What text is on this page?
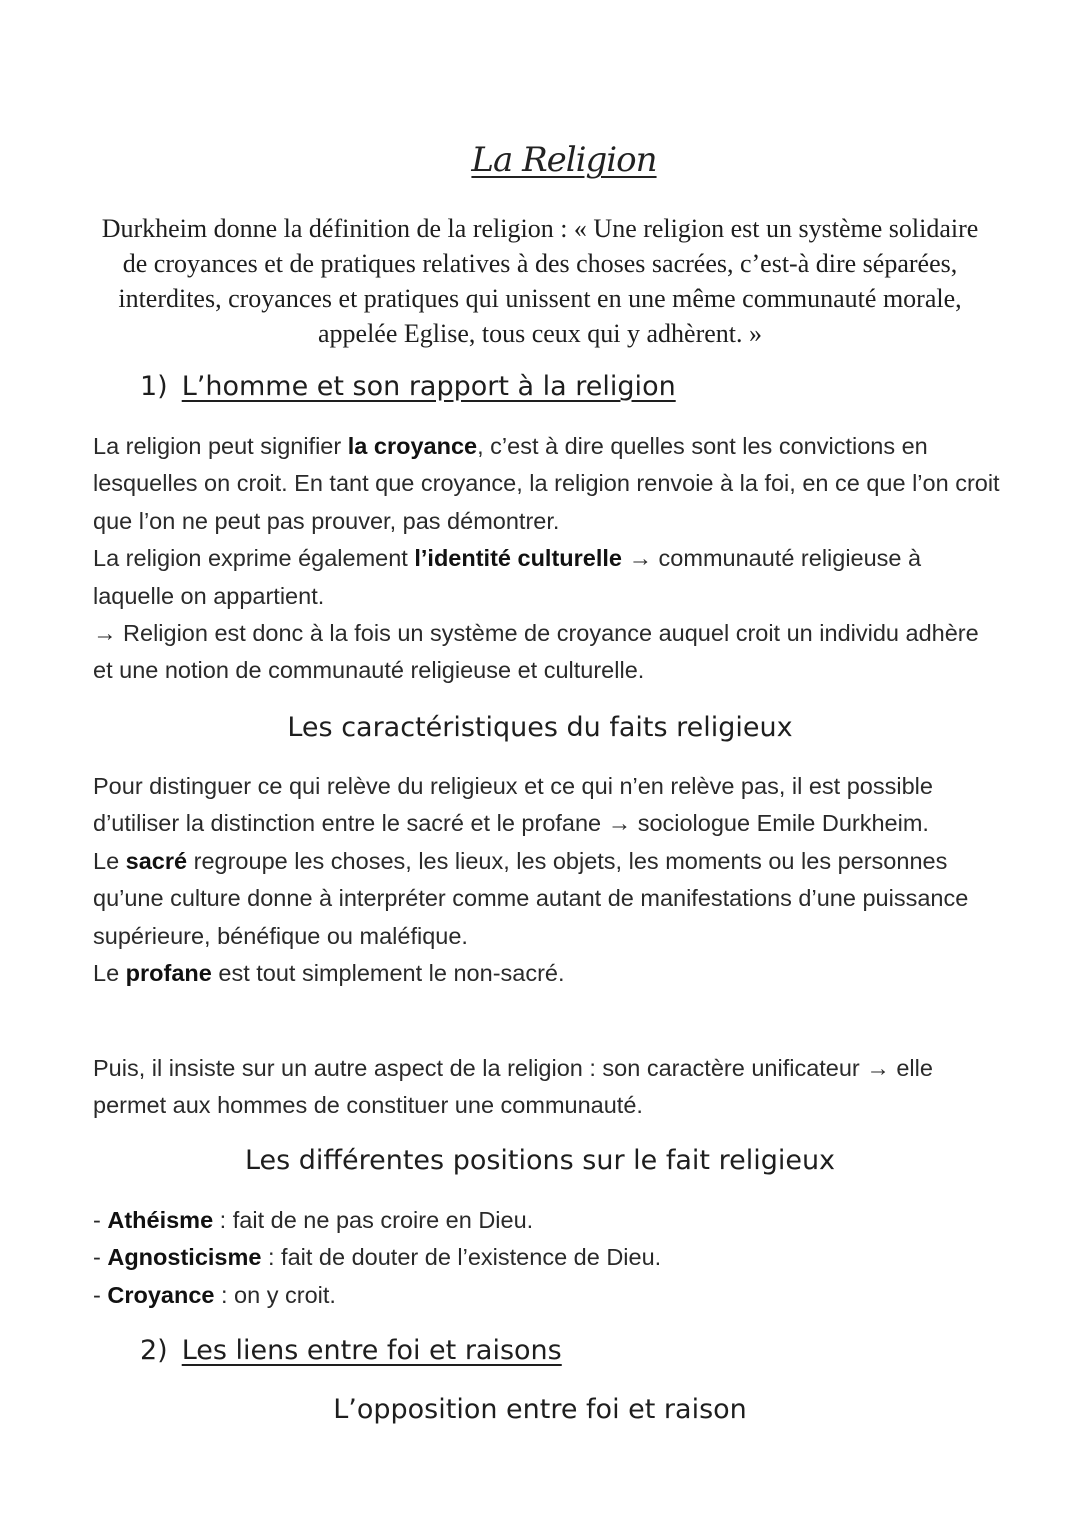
La Religion
Durkheim donne la définition de la religion : « Une religion est un système solidaire de croyances et de pratiques relatives à des choses sacrées, c’est-à dire séparées, interdites, croyances et pratiques qui unissent en une même communauté morale, appelée Eglise, tous ceux qui y adhèrent. »
1) L’homme et son rapport à la religion

La religion peut signifier la croyance, c’est à dire quelles sont les convictions en lesquelles on croit. En tant que croyance, la religion renvoie à la foi, en ce que l’on croit que l’on ne peut pas prouver, pas démontrer.

La religion exprime également l’identité culturelle → communauté religieuse à laquelle on appartient.

→ Religion est donc à la fois un système de croyance auquel croit un individu adhère et une notion de communauté religieuse et culturelle.

Les caractéristiques du faits religieux

Pour distinguer ce qui relève du religieux et ce qui n’en relève pas, il est possible d’utiliser la distinction entre le sacré et le profane → sociologue Emile Durkheim.

Le sacré regroupe les choses, les lieux, les objets, les moments ou les personnes qu’une culture donne à interpréter comme autant de manifestations d’une puissance supérieure, bénéfique ou maléfique.

Le profane est tout simplement le non-sacré.

Puis, il insiste sur un autre aspect de la religion : son caractère unificateur → elle permet aux hommes de constituer une communauté.

Les différentes positions sur le fait religieux

- Athéisme : fait de ne pas croire en Dieu.

- Agnosticisme : fait de douter de l’existence de Dieu.

- Croyance : on y croit.

2) Les liens entre foi et raisons
L’opposition entre foi et raison
